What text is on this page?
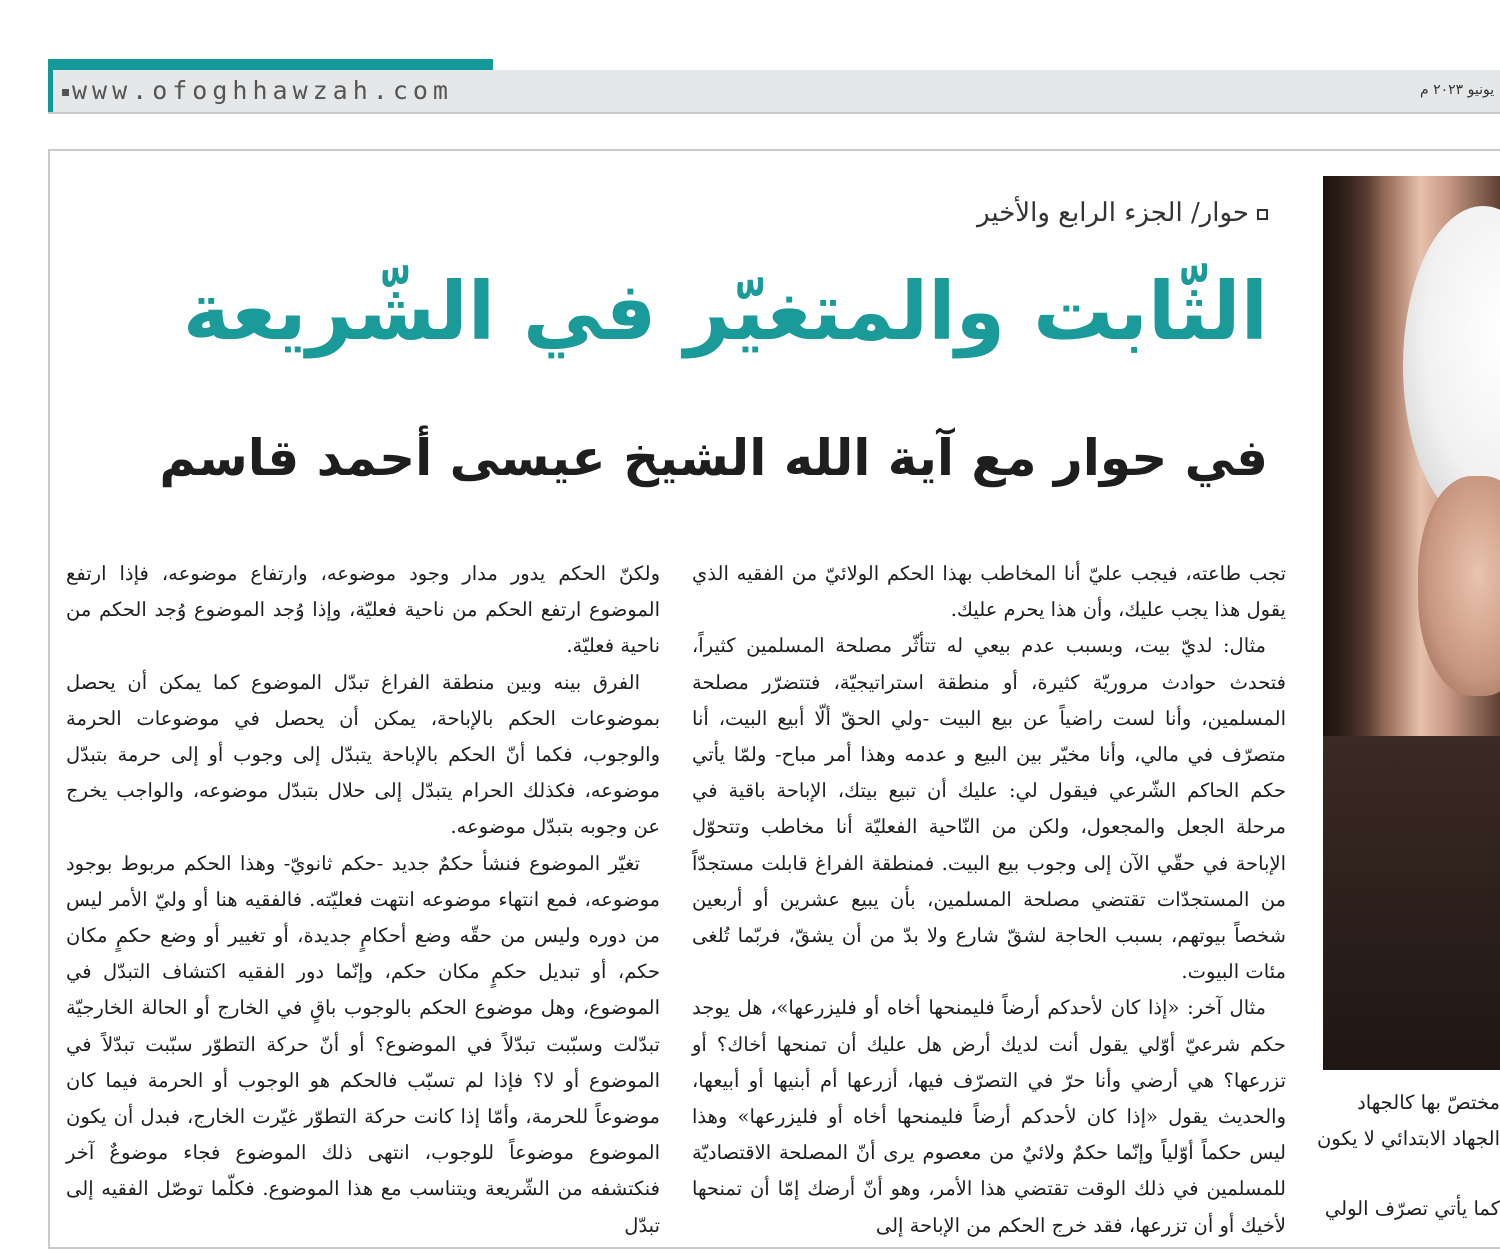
www.ofoghhawzah.com	يونيو ٢٠٢٣ م
حوار/ الجزء الرابع والأخير
الثّابت والمتغيّر في الشّريعة
في حوار مع آية الله الشيخ عيسى أحمد قاسم

تجب طاعته، فيجب عليّ أنا المخاطب بهذا الحكم الولائيّ من الفقيه الذي يقول هذا يجب عليك، وأن هذا يحرم عليك.

مثال: لديّ بيت، وبسبب عدم بيعي له تتأثّر مصلحة المسلمين كثيراً، فتحدث حوادث مروريّة كثيرة، أو منطقة استراتيجيّة، فتتضرّر مصلحة المسلمين، وأنا لست راضياً عن بيع البيت -ولي الحقّ ألّا أبيع البيت، أنا متصرّف في مالي، وأنا مخيّر بين البيع و عدمه وهذا أمر مباح- ولمّا يأتي حكم الحاكم الشّرعي فيقول لي: عليك أن تبيع بيتك، الإباحة باقية في مرحلة الجعل والمجعول، ولكن من النّاحية الفعليّة أنا مخاطب وتتحوّل الإباحة في حقّي الآن إلى وجوب بيع البيت. فمنطقة الفراغ قابلت مستجدّاً من المستجدّات تقتضي مصلحة المسلمين، بأن يبيع عشرين أو أربعين شخصاً بيوتهم، بسبب الحاجة لشقّ شارع ولا بدّ من أن يشقّ، فربّما تُلغى مئات البيوت.

مثال آخر: «إذا كان لأحدكم أرضاً فليمنحها أخاه أو فليزرعها»، هل يوجد حكم شرعيّ أوّلي يقول أنت لديك أرض هل عليك أن تمنحها أخاك؟ أو تزرعها؟ هي أرضي وأنا حرّ في التصرّف فيها، أزرعها أم أبنيها أو أبيعها، والحديث يقول «إذا كان لأحدكم أرضاً فليمنحها أخاه أو فليزرعها» وهذا ليس حكماً أوّلياً وإنّما حكمٌ ولائيٌ من معصوم يرى أنّ المصلحة الاقتصاديّة للمسلمين في ذلك الوقت تقتضي هذا الأمر، وهو أنّ أرضك إمّا أن تمنحها لأخيك أو أن تزرعها، فقد خرج الحكم من الإباحة إلى

ولكنّ الحكم يدور مدار وجود موضوعه، وارتفاع موضوعه، فإذا ارتفع الموضوع ارتفع الحكم من ناحية فعليّة، وإذا وُجد الموضوع وُجد الحكم من ناحية فعليّة.

الفرق بينه وبين منطقة الفراغ تبدّل الموضوع كما يمكن أن يحصل بموضوعات الحكم بالإباحة، يمكن أن يحصل في موضوعات الحرمة والوجوب، فكما أنّ الحكم بالإباحة يتبدّل إلى وجوب أو إلى حرمة بتبدّل موضوعه، فكذلك الحرام يتبدّل إلى حلال بتبدّل موضوعه، والواجب يخرج عن وجوبه بتبدّل موضوعه.

تغيّر الموضوع فنشأ حكمٌ جديد -حكم ثانويّ- وهذا الحكم مربوط بوجود موضوعه، فمع انتهاء موضوعه انتهت فعليّته. فالفقيه هنا أو وليّ الأمر ليس من دوره وليس من حقّه وضع أحكامٍ جديدة، أو تغيير أو وضع حكمٍ مكان حكم، أو تبديل حكمٍ مكان حكم، وإنّما دور الفقيه اكتشاف التبدّل في الموضوع، وهل موضوع الحكم بالوجوب باقٍ في الخارج أو الحالة الخارجيّة تبدّلت وسبّبت تبدّلاً في الموضوع؟ أو أنّ حركة التطوّر سبّبت تبدّلاً في الموضوع أو لا؟ فإذا لم تسبّب فالحكم هو الوجوب أو الحرمة فيما كان موضوعاً للحرمة، وأمّا إذا كانت حركة التطوّر غيّرت الخارج، فبدل أن يكون الموضوع موضوعاً للوجوب، انتهى ذلك الموضوع فجاء موضوعٌ آخر فنكتشفه من الشّريعة ويتناسب مع هذا الموضوع. فكلّما توصّل الفقيه إلى تبدّل

مختصّ بها كالجهاد

الجهاد الابتدائي لا يكون

كما يأتي تصرّف الولي
